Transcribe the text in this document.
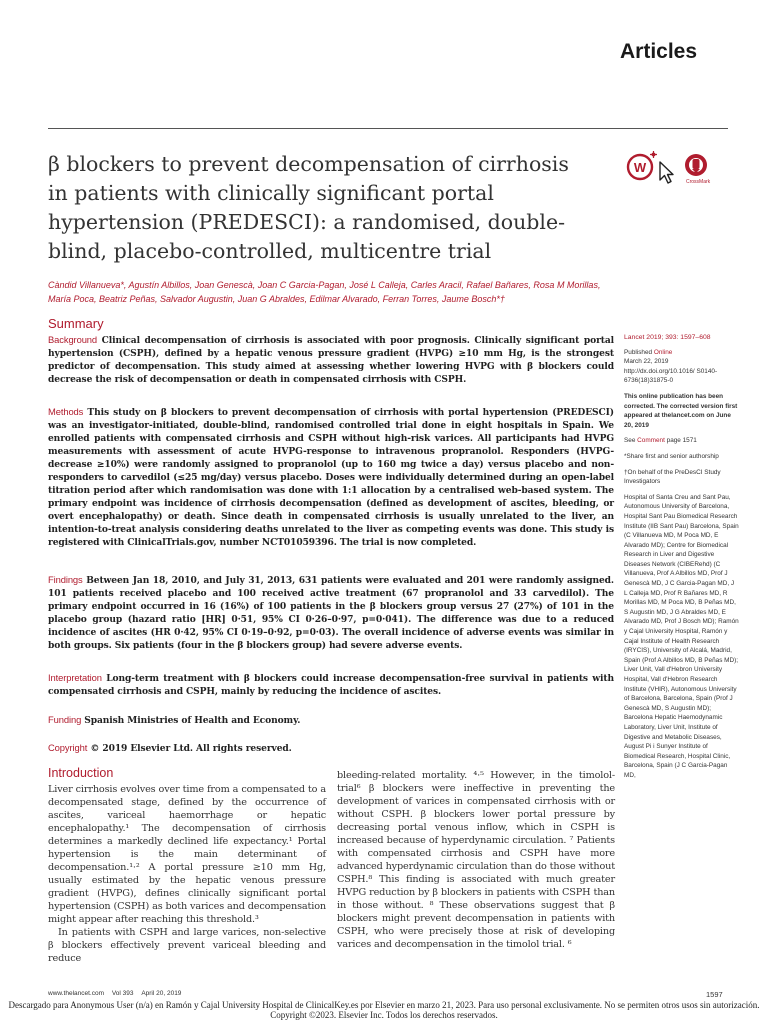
Articles
β blockers to prevent decompensation of cirrhosis in patients with clinically significant portal hypertension (PREDESCI): a randomised, double-blind, placebo-controlled, multicentre trial
W
CrossMark
Càndid Villanueva*, Agustín Albillos, Joan Genescà, Joan C Garcia-Pagan, José L Calleja, Carles Aracil, Rafael Bañares, Rosa M Morillas, María Poca, Beatriz Peñas, Salvador Augustin, Juan G Abraldes, Edilmar Alvarado, Ferran Torres, Jaume Bosch*†
Summary
Background Clinical decompensation of cirrhosis is associated with poor prognosis. Clinically significant portal hypertension (CSPH), defined by a hepatic venous pressure gradient (HVPG) ≥10 mm Hg, is the strongest predictor of decompensation. This study aimed at assessing whether lowering HVPG with β blockers could decrease the risk of decompensation or death in compensated cirrhosis with CSPH.
Methods This study on β blockers to prevent decompensation of cirrhosis with portal hypertension (PREDESCI) was an investigator-initiated, double-blind, randomised controlled trial done in eight hospitals in Spain. We enrolled patients with compensated cirrhosis and CSPH without high-risk varices. All participants had HVPG measurements with assessment of acute HVPG-response to intravenous propranolol. Responders (HVPG-decrease ≥10%) were randomly assigned to propranolol (up to 160 mg twice a day) versus placebo and non-responders to carvedilol (≤25 mg/day) versus placebo. Doses were individually determined during an open-label titration period after which randomisation was done with 1:1 allocation by a centralised web-based system. The primary endpoint was incidence of cirrhosis decompensation (defined as development of ascites, bleeding, or overt encephalopathy) or death. Since death in compensated cirrhosis is usually unrelated to the liver, an intention-to-treat analysis considering deaths unrelated to the liver as competing events was done. This study is registered with ClinicalTrials.gov, number NCT01059396. The trial is now completed.
Findings Between Jan 18, 2010, and July 31, 2013, 631 patients were evaluated and 201 were randomly assigned. 101 patients received placebo and 100 received active treatment (67 propranolol and 33 carvedilol). The primary endpoint occurred in 16 (16%) of 100 patients in the β blockers group versus 27 (27%) of 101 in the placebo group (hazard ratio [HR] 0·51, 95% CI 0·26–0·97, p=0·041). The difference was due to a reduced incidence of ascites (HR 0·42, 95% CI 0·19–0·92, p=0·03). The overall incidence of adverse events was similar in both groups. Six patients (four in the β blockers group) had severe adverse events.
Interpretation Long-term treatment with β blockers could increase decompensation-free survival in patients with compensated cirrhosis and CSPH, mainly by reducing the incidence of ascites.
Funding Spanish Ministries of Health and Economy.
Copyright © 2019 Elsevier Ltd. All rights reserved.
Lancet 2019; 393: 1597–608
Published Online
March 22, 2019
http://dx.doi.org/10.1016/ S0140-6736(18)31875-0
This online publication has been corrected. The corrected version first appeared at thelancet.com on June 20, 2019
See Comment page 1571
*Share first and senior authorship
†On behalf of the PreDesCI Study Investigators
Hospital of Santa Creu and Sant Pau, Autonomous University of Barcelona, Hospital Sant Pau Biomedical Research Institute (IIB Sant Pau) Barcelona, Spain (C Villanueva MD, M Poca MD, E Alvarado MD); Centre for Biomedical Research in Liver and Digestive Diseases Network (CIBERehd) (C Villanueva, Prof A Albillos MD, Prof J Genescà MD, J C Garcia-Pagan MD, J L Calleja MD, Prof R Bañares MD, R Morillas MD, M Poca MD, B Peñas MD, S Augustin MD, J G Abraldes MD, E Alvarado MD, Prof J Bosch MD); Ramón y Cajal University Hospital, Ramón y Cajal Institute of Health Research (IRYCIS), University of Alcalá, Madrid, Spain (Prof A Albillos MD, B Peñas MD); Liver Unit, Vall d'Hebron University Hospital, Vall d'Hebron Research Institute (VHIR), Autonomous University of Barcelona, Barcelona, Spain (Prof J Genescà MD, S Augustin MD); Barcelona Hepatic Haemodynamic Laboratory, Liver Unit, Institute of Digestive and Metabolic Diseases, August Pi i Sunyer Institute of Biomedical Research, Hospital Clinic, Barcelona, Spain (J C Garcia-Pagan MD,
Introduction

Liver cirrhosis evolves over time from a compensated to a decompensated stage, defined by the occurrence of ascites, variceal haemorrhage or hepatic encephalopathy.¹ The decompensation of cirrhosis determines a markedly declined life expectancy.¹ Portal hypertension is the main determinant of decompensation.¹·² A portal pressure ≥10 mm Hg, usually estimated by the hepatic venous pressure gradient (HVPG), defines clinically significant portal hypertension (CSPH) as both varices and decompensation might appear after reaching this threshold.³

In patients with CSPH and large varices, non-selective β blockers effectively prevent variceal bleeding and reduce

bleeding-related mortality. ⁴·⁵ However, in the timolol-trial⁶ β blockers were ineffective in preventing the development of varices in compensated cirrhosis with or without CSPH. β blockers lower portal pressure by decreasing portal venous inflow, which in CSPH is increased because of hyperdynamic circulation. ⁷ Patients with compensated cirrhosis and CSPH have more advanced hyperdynamic circulation than do those without CSPH.⁸ This finding is associated with much greater HVPG reduction by β blockers in patients with CSPH than in those without. ⁸ These observations suggest that β blockers might prevent decompensation in patients with CSPH, who were precisely those at risk of developing varices and decompensation in the timolol trial. ⁶

www.thelancet.com Vol 393 April 20, 2019	1597
Descargado para Anonymous User (n/a) en Ramón y Cajal University Hospital de ClinicalKey.es por Elsevier en marzo 21, 2023. Para uso personal exclusivamente. No se permiten otros usos sin autorización. Copyright ©2023. Elsevier Inc. Todos los derechos reservados.
